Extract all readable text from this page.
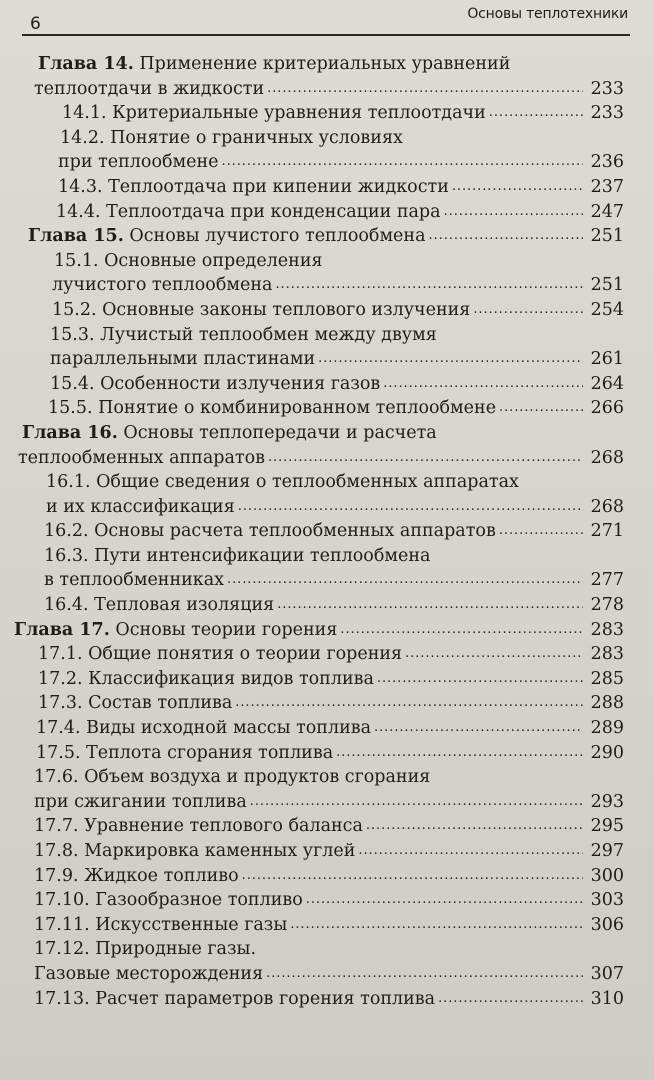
6	Основы теплотехники
Глава 14.
Применение критериальных уравнений
теплоотдачи в жидкости . . .	233
14.1. Критериальные уравнения теплоотдачи . . .	233
14.2. Понятие о граничных условиях
при теплообмене . . .	236
14.3. Теплоотдача при кипении жидкости . . .	237
14.4. Теплоотдача при конденсации пара . . .	247
Глава 15.
Основы лучистого теплообмена . . .	251
15.1. Основные определения
лучистого теплообмена . . .	251
15.2. Основные законы теплового излучения . . .	254
15.3. Лучистый теплообмен между двумя
параллельными пластинами . . .	261
15.4. Особенности излучения газов . . .	264
15.5. Понятие о комбинированном теплообмене . . .	266
Глава 16.
Основы теплопередачи и расчета
теплообменных аппаратов . . .	268
16.1. Общие сведения о теплообменных аппаратах
и их классификация . . .	268
16.2. Основы расчета теплообменных аппаратов . . .	271
16.3. Пути интенсификации теплообмена
в теплообменниках . . .	277
16.4. Тепловая изоляция . . .	278
Глава 17.
Основы теории горения . . .	283
17.1. Общие понятия о теории горения . . .	283
17.2. Классификация видов топлива . . .	285
17.3. Состав топлива . . .	288
17.4. Виды исходной массы топлива . . .	289
17.5. Теплота сгорания топлива . . .	290
17.6. Объем воздуха и продуктов сгорания
при сжигании топлива . . .	293
17.7. Уравнение теплового баланса . . .	295
17.8. Маркировка каменных углей . . .	297
17.9. Жидкое топливо . . .	300
17.10. Газообразное топливо . . .	303
17.11. Искусственные газы . . .	306
17.12. Природные газы.
Газовые месторождения . . .	307
17.13. Расчет параметров горения топлива . . .	310
